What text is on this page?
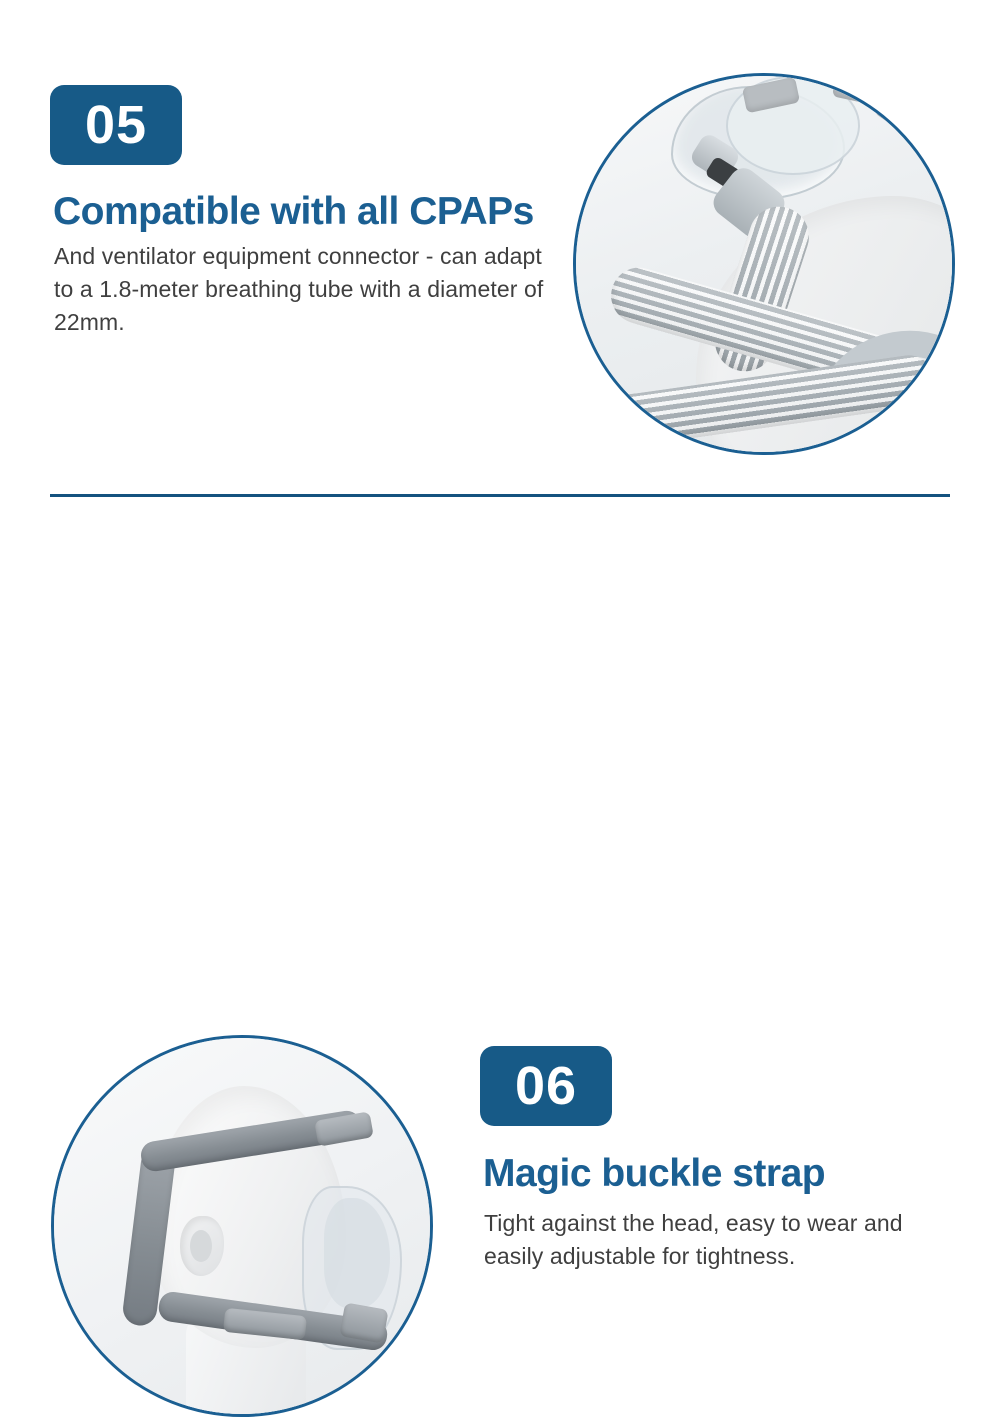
05
Compatible with all CPAPs
And ventilator equipment connector - can adapt to a 1.8-meter breathing tube with a diameter of 22mm.
06
Magic buckle strap
Tight against the head, easy to wear and easily adjustable for tightness.
